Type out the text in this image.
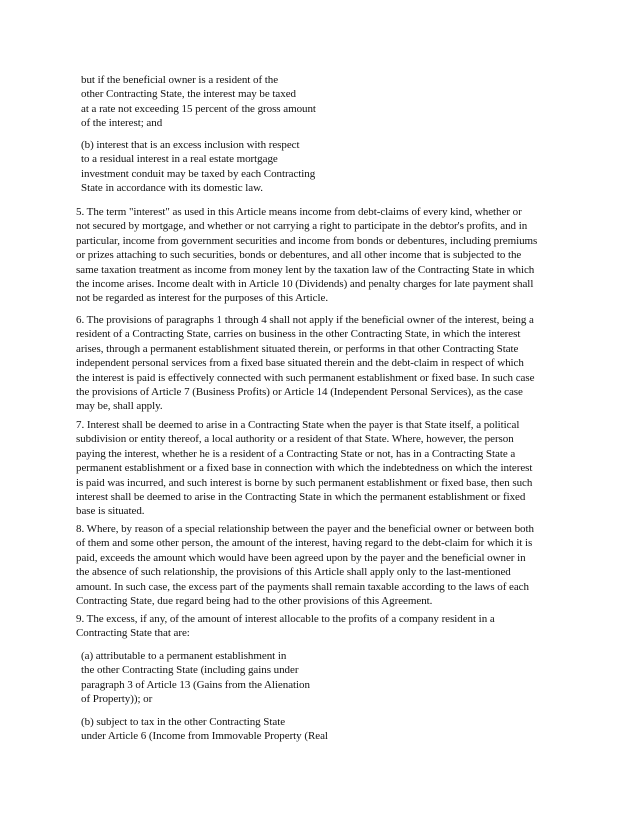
but if the beneficial owner is a resident of the
other Contracting State, the interest may be taxed
at a rate not exceeding 15 percent of the gross amount
of the interest; and
(b) interest that is an excess inclusion with respect
to a residual interest in a real estate mortgage
investment conduit may be taxed by each Contracting
State in accordance with its domestic law.
5. The term "interest" as used in this Article means income from debt-claims of every kind, whether or
not secured by mortgage, and whether or not carrying a right to participate in the debtor's profits, and in
particular, income from government securities and income from bonds or debentures, including premiums
or prizes attaching to such securities, bonds or debentures, and all other income that is subjected to the
same taxation treatment as income from money lent by the taxation law of the Contracting State in which
the income arises. Income dealt with in Article 10 (Dividends) and penalty charges for late payment shall
not be regarded as interest for the purposes of this Article.
6. The provisions of paragraphs 1 through 4 shall not apply if the beneficial owner of the interest, being a
resident of a Contracting State, carries on business in the other Contracting State, in which the interest
arises, through a permanent establishment situated therein, or performs in that other Contracting State
independent personal services from a fixed base situated therein and the debt-claim in respect of which
the interest is paid is effectively connected with such permanent establishment or fixed base. In such case
the provisions of Article 7 (Business Profits) or Article 14 (Independent Personal Services), as the case
may be, shall apply.
7. Interest shall be deemed to arise in a Contracting State when the payer is that State itself, a political
subdivision or entity thereof, a local authority or a resident of that State. Where, however, the person
paying the interest, whether he is a resident of a Contracting State or not, has in a Contracting State a
permanent establishment or a fixed base in connection with which the indebtedness on which the interest
is paid was incurred, and such interest is borne by such permanent establishment or fixed base, then such
interest shall be deemed to arise in the Contracting State in which the permanent establishment or fixed
base is situated.
8. Where, by reason of a special relationship between the payer and the beneficial owner or between both
of them and some other person, the amount of the interest, having regard to the debt-claim for which it is
paid, exceeds the amount which would have been agreed upon by the payer and the beneficial owner in
the absence of such relationship, the provisions of this Article shall apply only to the last-mentioned
amount. In such case, the excess part of the payments shall remain taxable according to the laws of each
Contracting State, due regard being had to the other provisions of this Agreement.
9. The excess, if any, of the amount of interest allocable to the profits of a company resident in a
Contracting State that are:
(a) attributable to a permanent establishment in
the other Contracting State (including gains under
paragraph 3 of Article 13 (Gains from the Alienation
of Property)); or
(b) subject to tax in the other Contracting State
under Article 6 (Income from Immovable Property (Real
